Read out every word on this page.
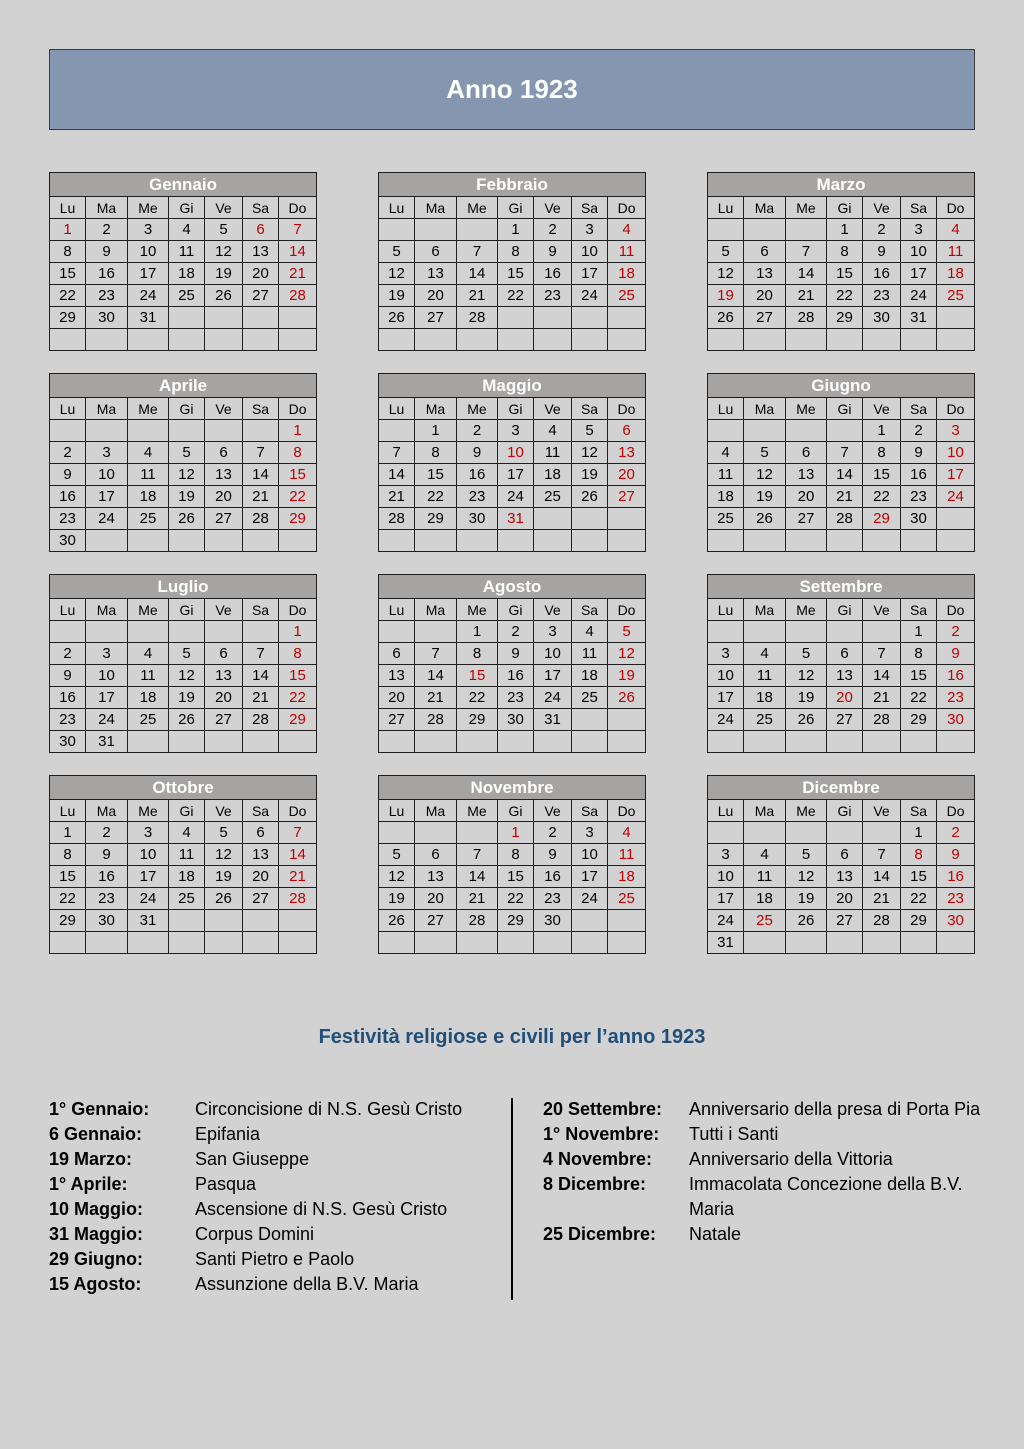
Anno 1923
Gennaio						
Lu	Ma	Me	Gi	Ve	Sa	Do
1	2	3	4	5	6	7
8	9	10	11	12	13	14
15	16	17	18	19	20	21
22	23	24	25	26	27	28
29	30	31				

Febbraio						
Lu	Ma	Me	Gi	Ve	Sa	Do
			1	2	3	4
5	6	7	8	9	10	11
12	13	14	15	16	17	18
19	20	21	22	23	24	25
26	27	28				

Marzo						
Lu	Ma	Me	Gi	Ve	Sa	Do
			1	2	3	4
5	6	7	8	9	10	11
12	13	14	15	16	17	18
19	20	21	22	23	24	25
26	27	28	29	30	31	

Aprile						
Lu	Ma	Me	Gi	Ve	Sa	Do
						1
2	3	4	5	6	7	8
9	10	11	12	13	14	15
16	17	18	19	20	21	22
23	24	25	26	27	28	29
30						
Maggio						
Lu	Ma	Me	Gi	Ve	Sa	Do
	1	2	3	4	5	6
7	8	9	10	11	12	13
14	15	16	17	18	19	20
21	22	23	24	25	26	27
28	29	30	31			

Giugno						
Lu	Ma	Me	Gi	Ve	Sa	Do
				1	2	3
4	5	6	7	8	9	10
11	12	13	14	15	16	17
18	19	20	21	22	23	24
25	26	27	28	29	30	

Luglio						
Lu	Ma	Me	Gi	Ve	Sa	Do
						1
2	3	4	5	6	7	8
9	10	11	12	13	14	15
16	17	18	19	20	21	22
23	24	25	26	27	28	29
30	31					
Agosto						
Lu	Ma	Me	Gi	Ve	Sa	Do
		1	2	3	4	5
6	7	8	9	10	11	12
13	14	15	16	17	18	19
20	21	22	23	24	25	26
27	28	29	30	31		

Settembre						
Lu	Ma	Me	Gi	Ve	Sa	Do
					1	2
3	4	5	6	7	8	9
10	11	12	13	14	15	16
17	18	19	20	21	22	23
24	25	26	27	28	29	30

Ottobre						
Lu	Ma	Me	Gi	Ve	Sa	Do
1	2	3	4	5	6	7
8	9	10	11	12	13	14
15	16	17	18	19	20	21
22	23	24	25	26	27	28
29	30	31				

Novembre						
Lu	Ma	Me	Gi	Ve	Sa	Do
			1	2	3	4
5	6	7	8	9	10	11
12	13	14	15	16	17	18
19	20	21	22	23	24	25
26	27	28	29	30		

Dicembre						
Lu	Ma	Me	Gi	Ve	Sa	Do
					1	2
3	4	5	6	7	8	9
10	11	12	13	14	15	16
17	18	19	20	21	22	23
24	25	26	27	28	29	30
31						
Festività religiose e civili per l’anno 1923
1° Gennaio:	Circoncisione di N.S. Gesù Cristo
6 Gennaio:	Epifania
19 Marzo:	San Giuseppe
1° Aprile:	Pasqua
10 Maggio:	Ascensione di N.S. Gesù Cristo
31 Maggio:	Corpus Domini
29 Giugno:	Santi Pietro e Paolo
15 Agosto:	Assunzione della B.V. Maria
20 Settembre:	Anniversario della presa di Porta Pia
1° Novembre:	Tutti i Santi
4 Novembre:	Anniversario della Vittoria
8 Dicembre:	Immacolata Concezione della B.V. Maria
25 Dicembre:	Natale
